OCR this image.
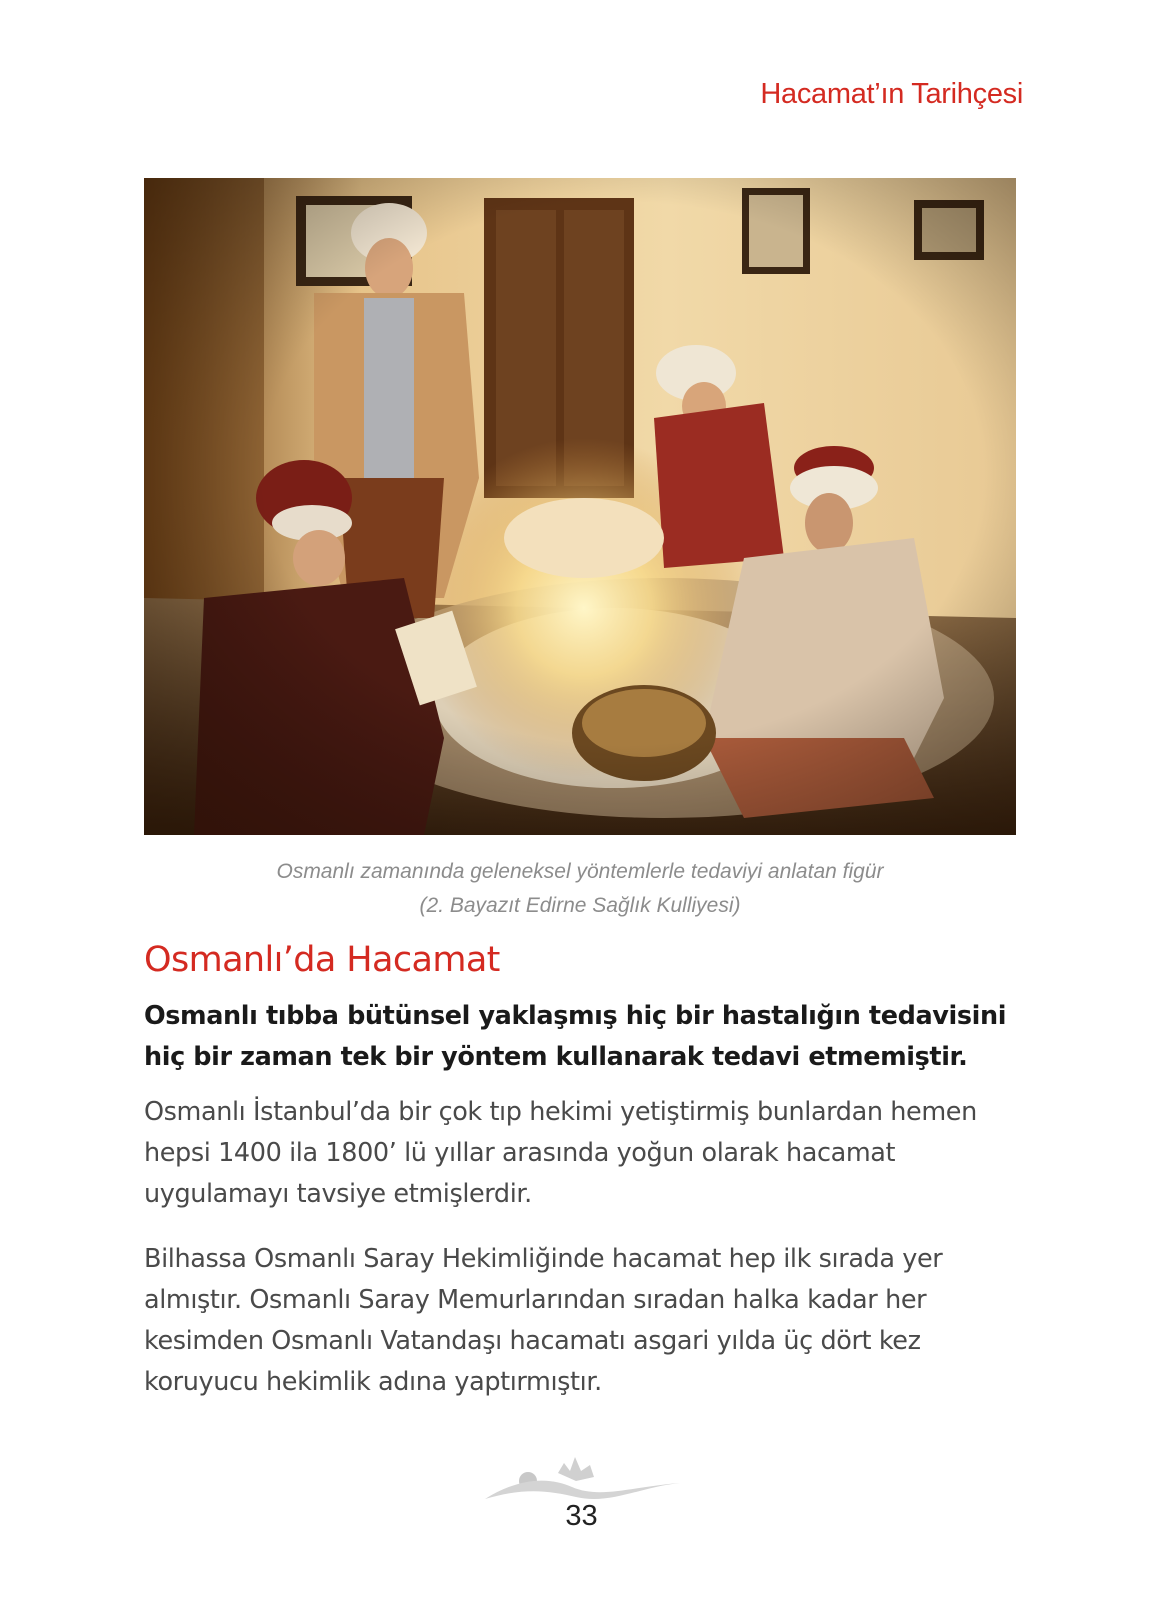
Hacamat’ın Tarihçesi
Osmanlı zamanında geleneksel yöntemlerle tedaviyi anlatan figür
(2. Bayazıt Edirne Sağlık Kulliyesi)
Osmanlı’da Hacamat

Osmanlı tıbba bütünsel yaklaşmış hiç bir hastalığın tedavisini hiç bir zaman tek bir yöntem kullanarak tedavi etmemiştir.

Osmanlı İstanbul’da bir çok tıp hekimi yetiştirmiş bunlardan hemen hepsi 1400 ila 1800’ lü yıllar arasında yoğun olarak hacamat uygulamayı tavsiye etmişlerdir.

Bilhassa Osmanlı Saray Hekimliğinde hacamat hep ilk sırada yer almıştır. Osmanlı Saray Memurlarından sıradan halka kadar her kesimden Osmanlı Vatandaşı hacamatı asgari yılda üç dört kez koruyucu hekimlik adına yaptırmıştır.

33
